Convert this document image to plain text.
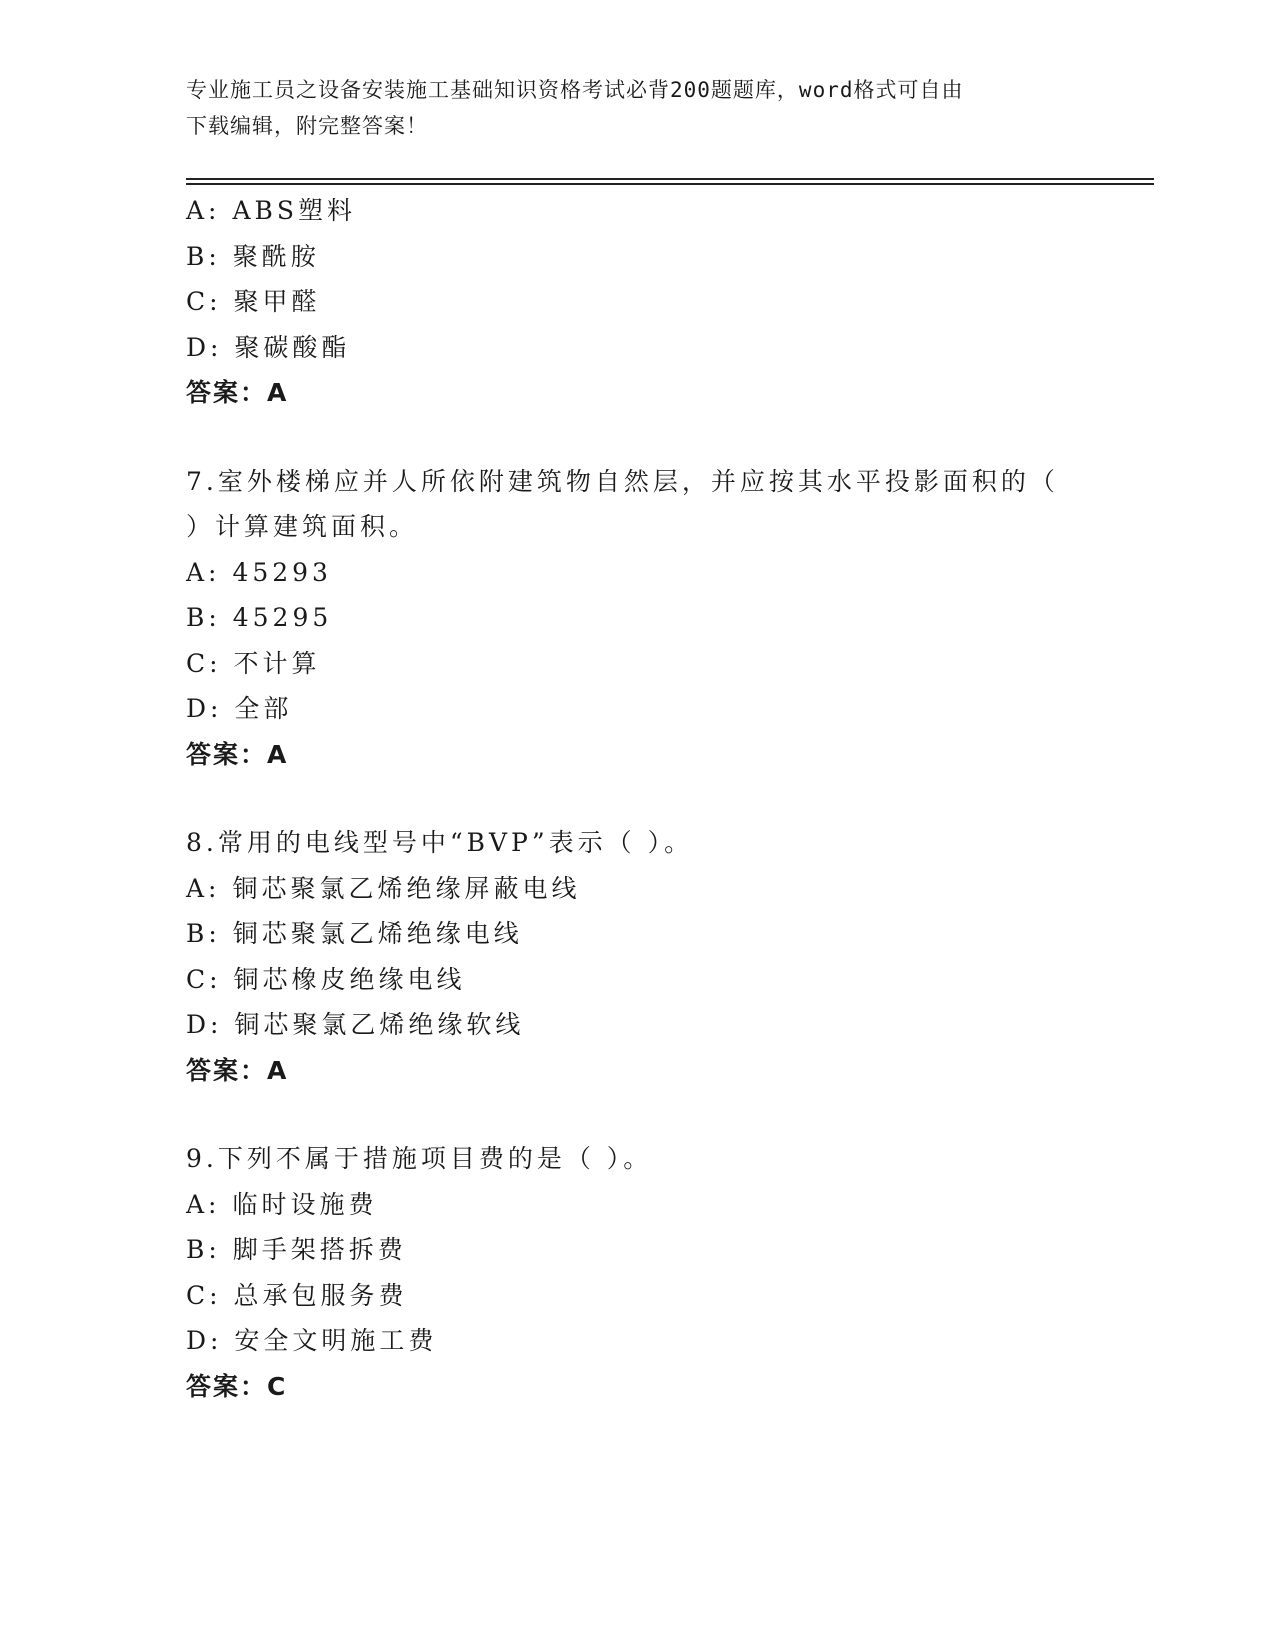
专业施工员之设备安装施工基础知识资格考试必背200题题库，word格式可自由
下载编辑，附完整答案！
A: ABS塑料
B: 聚酰胺
C: 聚甲醛
D: 聚碳酸酯
答案：A
7.室外楼梯应并人所依附建筑物自然层，并应按其水平投影面积的（
）计算建筑面积。
A: 45293
B: 45295
C: 不计算
D: 全部
答案：A
8.常用的电线型号中“BVP”表示（ ）。
A: 铜芯聚氯乙烯绝缘屏蔽电线
B: 铜芯聚氯乙烯绝缘电线
C: 铜芯橡皮绝缘电线
D: 铜芯聚氯乙烯绝缘软线
答案：A
9.下列不属于措施项目费的是（ ）。
A: 临时设施费
B: 脚手架搭拆费
C: 总承包服务费
D: 安全文明施工费
答案：C
